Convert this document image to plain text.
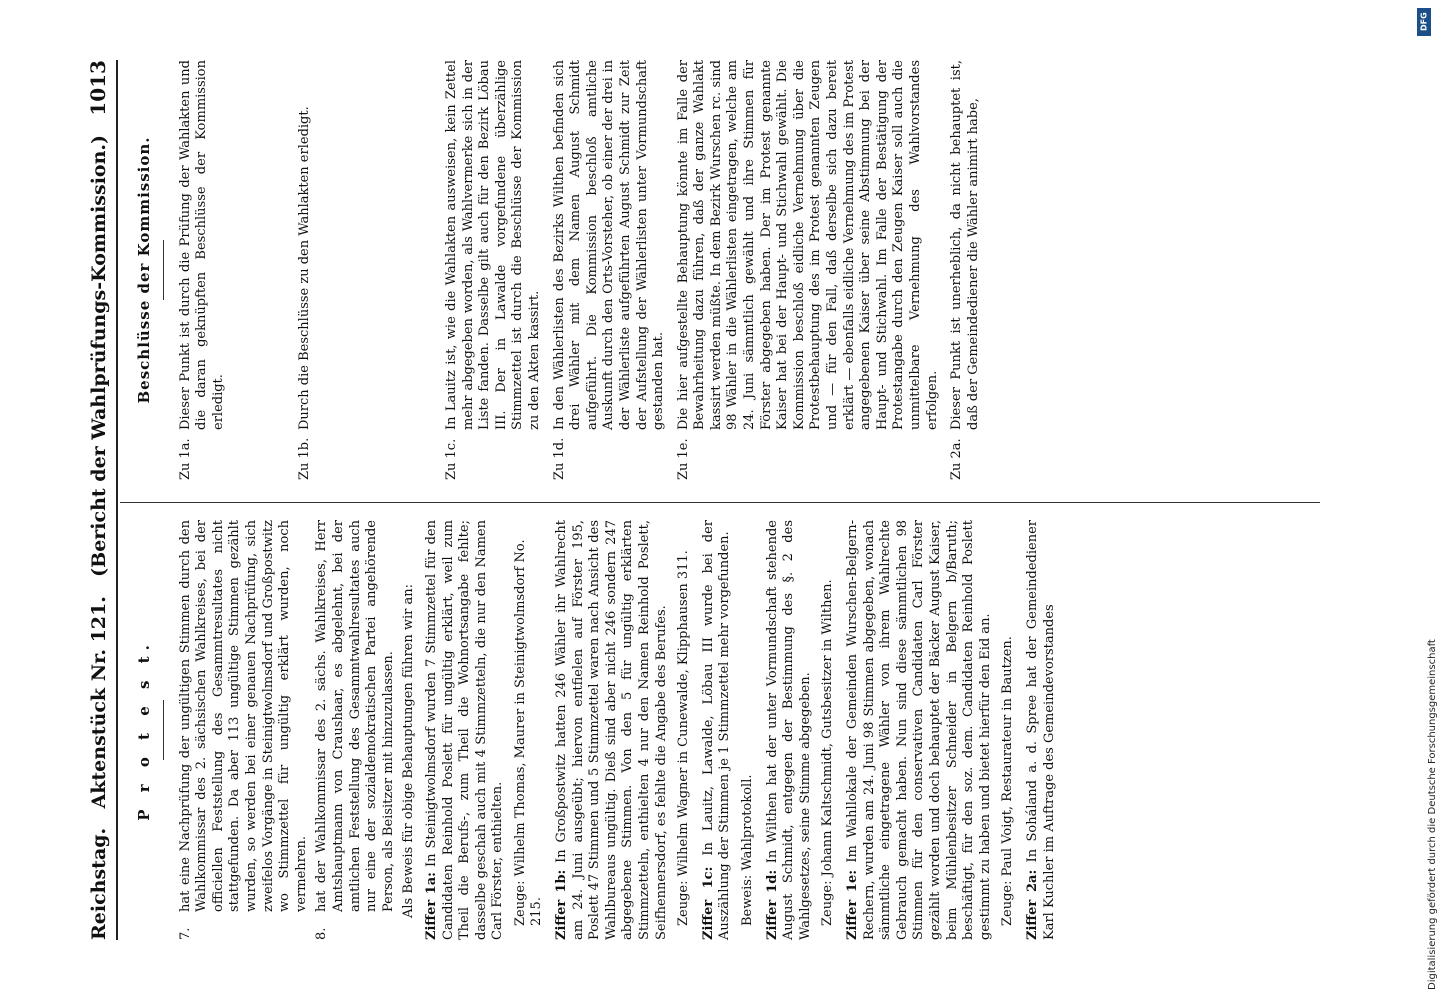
Reichstag.
Aktenstück Nr. 121.
(Bericht der Wahlprüfungs-Kommission.)
1013
P r o t e s t.
7.
hat eine Nachprüfung der ungültigen Stimmen durch den Wahlkommissar des 2. sächsischen Wahlkreises, bei der officiellen Feststellung des Gesammtresultates nicht stattgefunden. Da aber 113 ungültige Stimmen gezählt wurden, so werden bei einer genauen Nachprüfung, sich zweifelos Vorgänge in Steinigtwolmsdorf und Großpostwitz wo Stimmzettel für ungültig erklärt wurden, noch vermehren.
8.
hat der Wahlkommissar des 2. sächs. Wahlkreises, Herr Amtshauptmann von Craushaar, es abgelehnt, bei der amtlichen Feststellung des Gesammtwahlresultates auch nur eine der sozialdemokratischen Partei angehörende Person, als Beisitzer mit hinzuzulassen. Als Beweis für obige Behauptungen führen wir an: Ziffer 1a: In Steinigtwolmsdorf wurden 7 Stimmzettel für den Candidaten Reinhold Poslett für ungültig erklärt, weil zum Theil die Berufs-, zum Theil die Wohnortsangabe fehlte; dasselbe geschah auch mit 4 Stimmzetteln, die nur den Namen Carl Förster, enthielten. Zeuge: Wilhelm Thomas, Maurer in Steinigtwolmsdorf No. 215. Ziffer 1b: In Großpostwitz hatten 246 Wähler ihr Wahlrecht am 24. Juni ausgeübt; hiervon entfielen auf Förster 195, Poslett 47 Stimmen und 5 Stimmzettel waren nach Ansicht des Wahlbureaus ungültig. Dieß sind aber nicht 246 sondern 247 abgegebene Stimmen. Von den 5 für ungültig erklärten Stimmzetteln, enthielten 4 nur den Namen Reinhold Poslett, Seifhennersdorf, es fehlte die Angabe des Berufes. Zeuge: Wilhelm Wagner in Cunewalde, Klipphausen 311. Ziffer 1c: In Lauitz, Lawalde, Löbau III wurde bei der Auszählung der Stimmen je 1 Stimmzettel mehr vorgefunden. Beweis: Wahlprotokoll. Ziffer 1d: In Wilthen hat der unter Vormundschaft stehende August Schmidt, entgegen der Bestimmung des §. 2 des Wahlgesetzes, seine Stimme abgegeben. Zeuge: Johann Kaltschmidt, Gutsbesitzer in Wilthen. Ziffer 1e: Im Wahllokale der Gemeinden Wurschen-Belgern-Rechern, wurden am 24. Juni 98 Stimmen abgegeben, wonach sämmtliche eingetragene Wähler von ihrem Wahlrechte Gebrauch gemacht haben. Nun sind diese sämmtlichen 98 Stimmen für den conservativen Candidaten Carl Förster gezählt worden und doch behauptet der Bäcker August Kaiser, beim Mühlenbesitzer Schneider in Belgern b/Baruth; beschäftigt, für den soz. dem. Candidaten Reinhold Poslett gestimmt zu haben und bietet hierfür den Eid an. Zeuge: Paul Voigt, Restaurateur in Bautzen. Ziffer 2a: In Soháland a. d. Spree hat der Gemeindediener Karl Kuchler im Auftrage des Gemeindevorstandes

Beschlüsse der Kommission.
Zu 1a.
Dieser Punkt ist durch die Prüfung der Wahlakten und die daran geknüpften Beschlüsse der Kommission erledigt.
Zu 1b.
Durch die Beschlüsse zu den Wahlakten erledigt.
Zu 1c.
In Lauitz ist, wie die Wahlakten ausweisen, kein Zettel mehr abgegeben worden, als Wahlvermerke sich in der Liste fanden. Dasselbe gilt auch für den Bezirk Löbau III. Der in Lawalde vorgefundene überzählige Stimmzettel ist durch die Beschlüsse der Kommission zu den Akten kassirt.
Zu 1d.
In den Wählerlisten des Bezirks Wilthen befinden sich drei Wähler mit dem Namen August Schmidt aufgeführt. Die Kommission beschloß amtliche Auskunft durch den Orts-Vorsteher, ob einer der drei in der Wählerliste aufgeführten August Schmidt zur Zeit der Aufstellung der Wählerlisten unter Vormundschaft gestanden hat.
Zu 1e.
Die hier aufgestellte Behauptung könnte im Falle der Bewahrheitung dazu führen, daß der ganze Wahlakt kassirt werden müßte. In dem Bezirk Wurschen rc. sind 98 Wähler in die Wählerlisten eingetragen, welche am 24. Juni sämmtlich gewählt und ihre Stimmen für Förster abgegeben haben. Der im Protest genannte Kaiser hat bei der Haupt- und Stichwahl gewählt. Die Kommission beschloß eidliche Vernehmung über die Protestbehauptung des im Protest genannten Zeugen und — für den Fall, daß derselbe sich dazu bereit erklärt — ebenfalls eidliche Vernehmung des im Protest angegebenen Kaiser über seine Abstimmung bei der Haupt- und Stichwahl. Im Falle der Bestätigung der Protestangabe durch den Zeugen Kaiser soll auch die unmittelbare Vernehmung des Wahlvorstandes erfolgen.
Zu 2a.
Dieser Punkt ist unerheblich, da nicht behauptet ist, daß der Gemeindediener die Wähler animirt habe,
DFG
Digitalisierung gefördert durch die Deutsche Forschungsgemeinschaft
